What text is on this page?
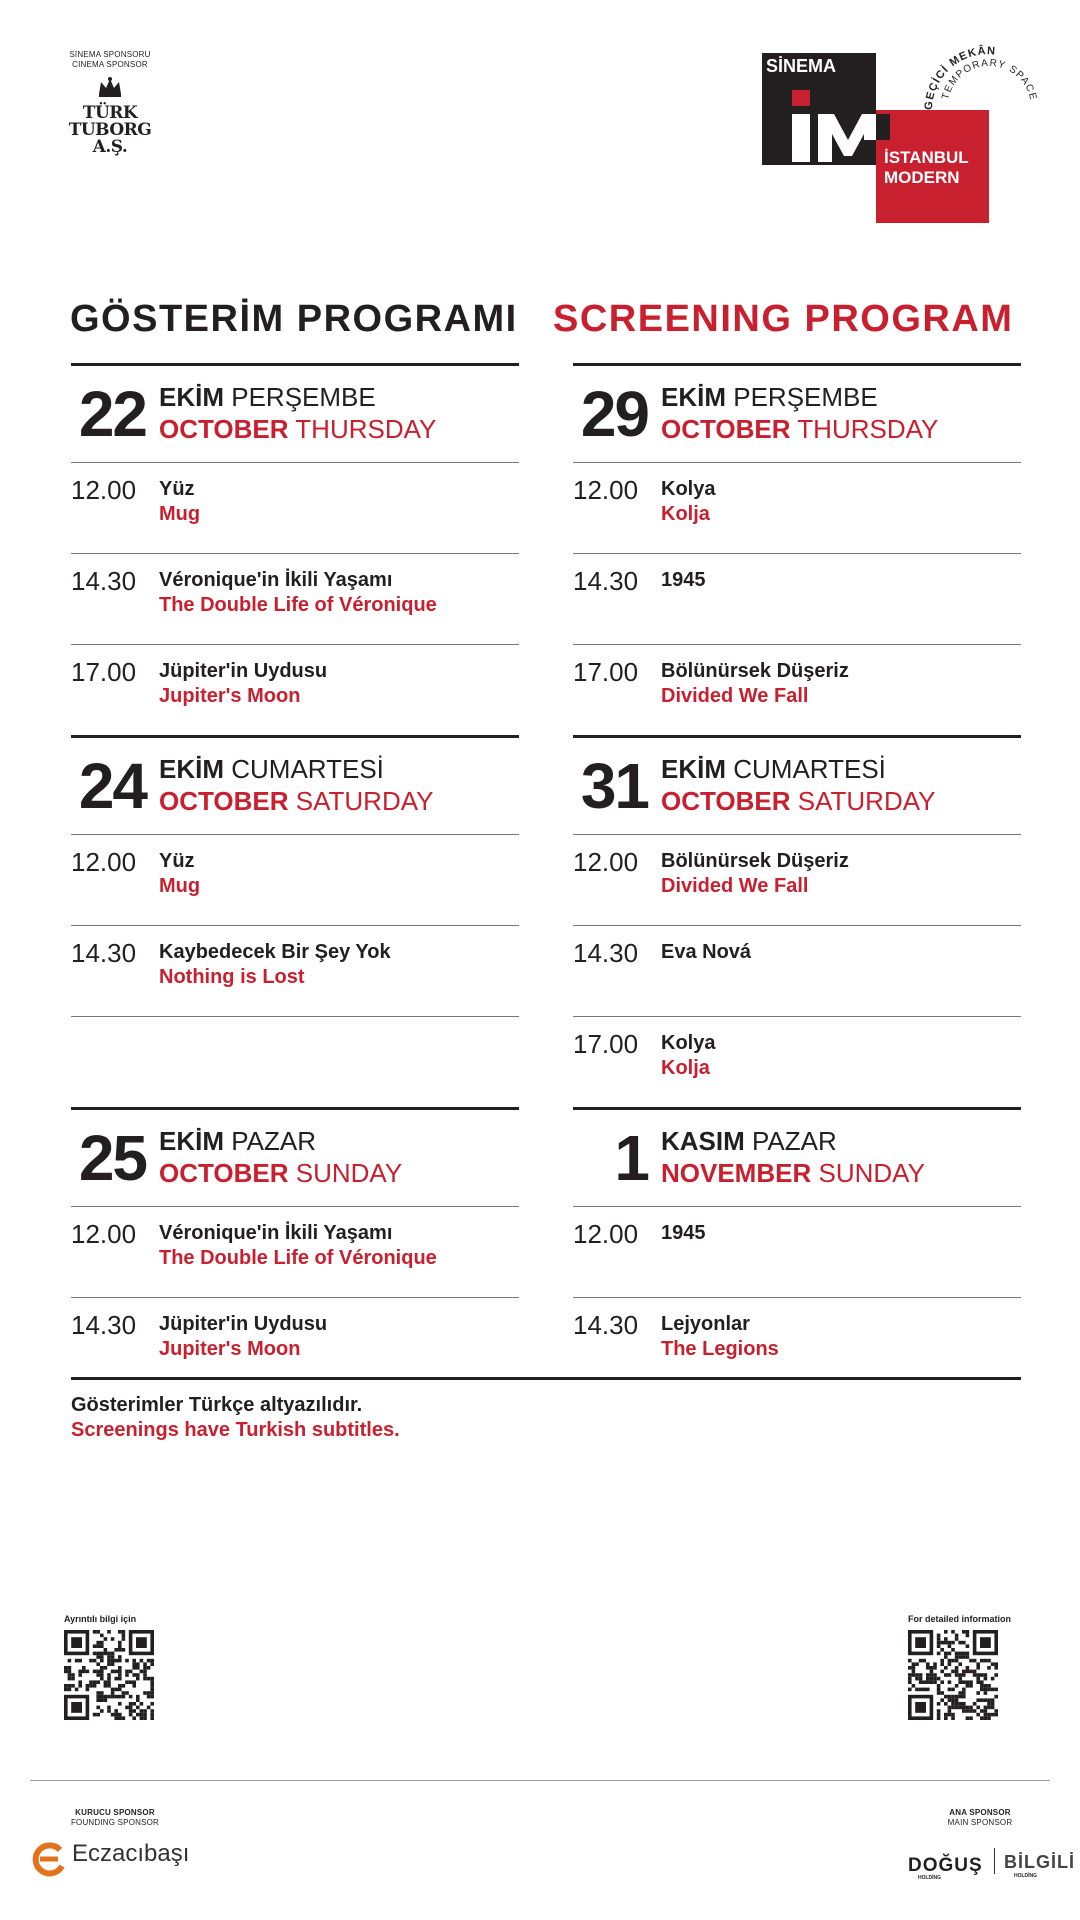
SİNEMA SPONSORU
CINEMA SPONSOR
TÜRK
TUBORG A.Ş.
SİNEMA
İSTANBUL
MODERN
GEÇİCİ MEKÂN
TEMPORARY SPACE
GÖSTERİM PROGRAMI SCREENING PROGRAM
22 EKİM PERŞEMBE
OCTOBER THURSDAY
12.00 Yüz
Mug
14.30 Véronique'in İkili Yaşamı
The Double Life of Véronique
17.00 Jüpiter'in Uydusu
Jupiter's Moon
24 EKİM CUMARTESİ
OCTOBER SATURDAY
12.00 Yüz
Mug
14.30 Kaybedecek Bir Şey Yok
Nothing is Lost
25 EKİM PAZAR
OCTOBER SUNDAY
12.00 Véronique'in İkili Yaşamı
The Double Life of Véronique
14.30 Jüpiter'in Uydusu
Jupiter's Moon
29 EKİM PERŞEMBE
OCTOBER THURSDAY
12.00 Kolya
Kolja
14.30 1945
17.00 Bölünürsek Düşeriz
Divided We Fall
31 EKİM CUMARTESİ
OCTOBER SATURDAY
12.00 Bölünürsek Düşeriz
Divided We Fall
14.30 Eva Nová
17.00 Kolya
Kolja
1 KASIM PAZAR
NOVEMBER SUNDAY
12.00 1945
14.30 Lejyonlar
The Legions
Gösterimler Türkçe altyazılıdır.
Screenings have Turkish subtitles.
Ayrıntılı bilgi için	For detailed information
KURUCU SPONSOR
FOUNDING SPONSOR
Eczacıbaşı
ANA SPONSOR
MAIN SPONSOR
DOĞUŞ
HOLDİNG
BİLGİLİ
HOLDİNG
